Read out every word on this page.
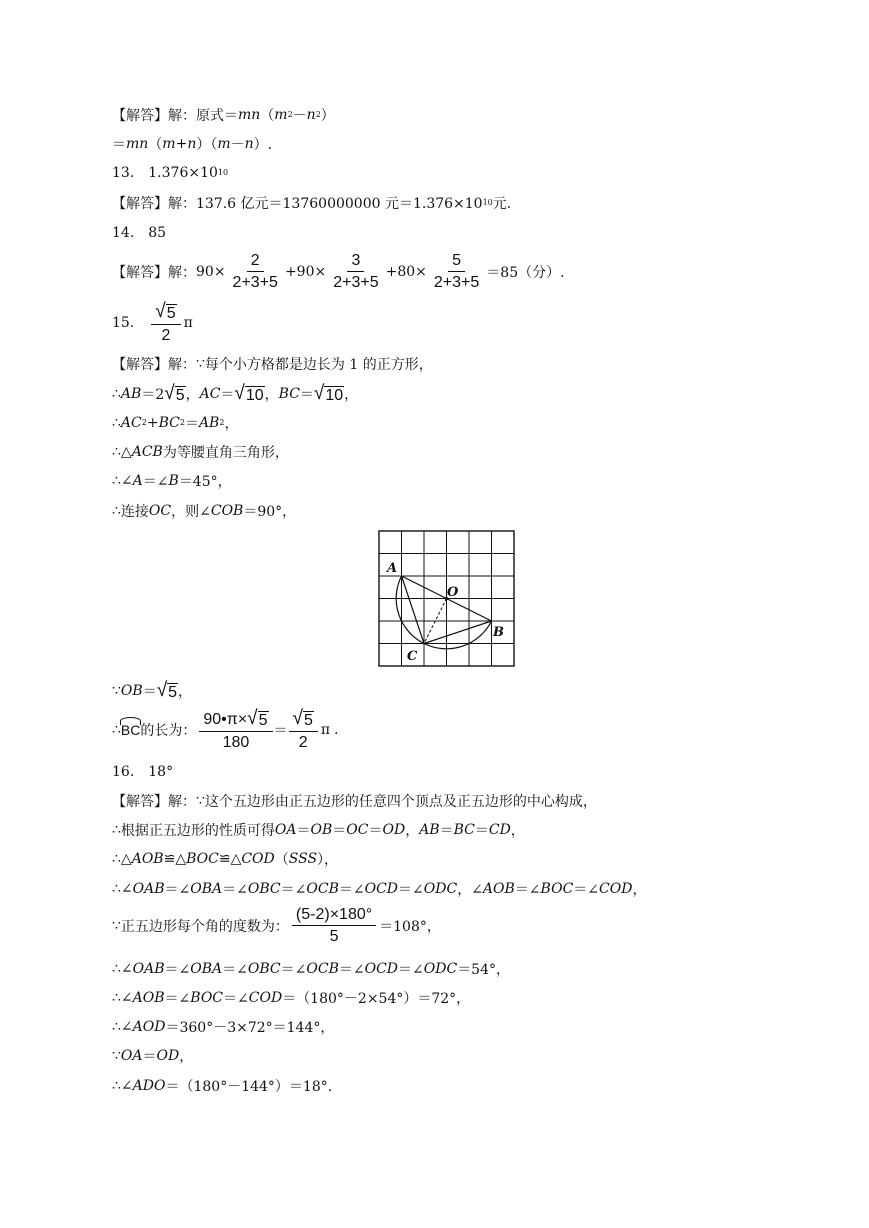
【解答】 解： 原式＝ mn （ m 2 － n 2 ）
＝ mn （ m + n ）（ m － n ）.
13. 1.376×10 10
【解答】 解： 137.6 亿元＝13760000000 元＝1.376×10 10 元.
14. 85
【解答】 解： $90\times \frac{2}{2+3+5} +90\times \frac{3}{2+3+5} +80\times \frac{5}{2+3+5} =85$（分）.
15. $\frac{√ 5}{2}$ π
【解答】 解： ∵ 每个小方格都是边长为 1 的正方形，
∴ AB ＝2 √ 5 ， AC ＝ √ 10 ， BC ＝ √ 10 ，
∴ AC 2 + BC 2 ＝ AB 2 ，
∴ △ ACB 为等腰直角三角形，
∴ ∠ A ＝∠ B ＝45°，
∴ 连接 OC ，则∠ COB ＝90°，
A
O
B
C
∵ OB ＝ √ 5 ，
∴ BC 的长为： $\frac{90•\pi\times √ 5}{180} = \frac{√ 5}{2}$ π .
16. 18°
【解答】 解： ∵ 这个五边形由正五边形的任意四个顶点及正五边形的中心构成，
∴ 根据正五边形的性质可得 OA ＝ OB ＝ OC ＝ OD ， AB ＝ BC ＝ CD ，
∴ △ AOB ≌△ BOC ≌△ COD （ SSS ），
∴ ∠ OAB ＝∠ OBA ＝∠ OBC ＝∠ OCB ＝∠ OCD ＝∠ ODC ，∠ AOB ＝∠ BOC ＝∠ COD ，
∵ 正五边形每个角的度数为： $\frac{(5-2)\times 180^\circ}{5} =108^\circ$，
∴ ∠ OAB ＝∠ OBA ＝∠ OBC ＝∠ OCB ＝∠ OCD ＝∠ ODC ＝54°，
∴ ∠ AOB ＝∠ BOC ＝∠ COD ＝（180°－2×54°）＝72°，
∴ ∠ AOD ＝360°－3×72°＝144°，
∵ OA ＝ OD ，
∴ ∠ ADO ＝（180°－144°）＝18°.
